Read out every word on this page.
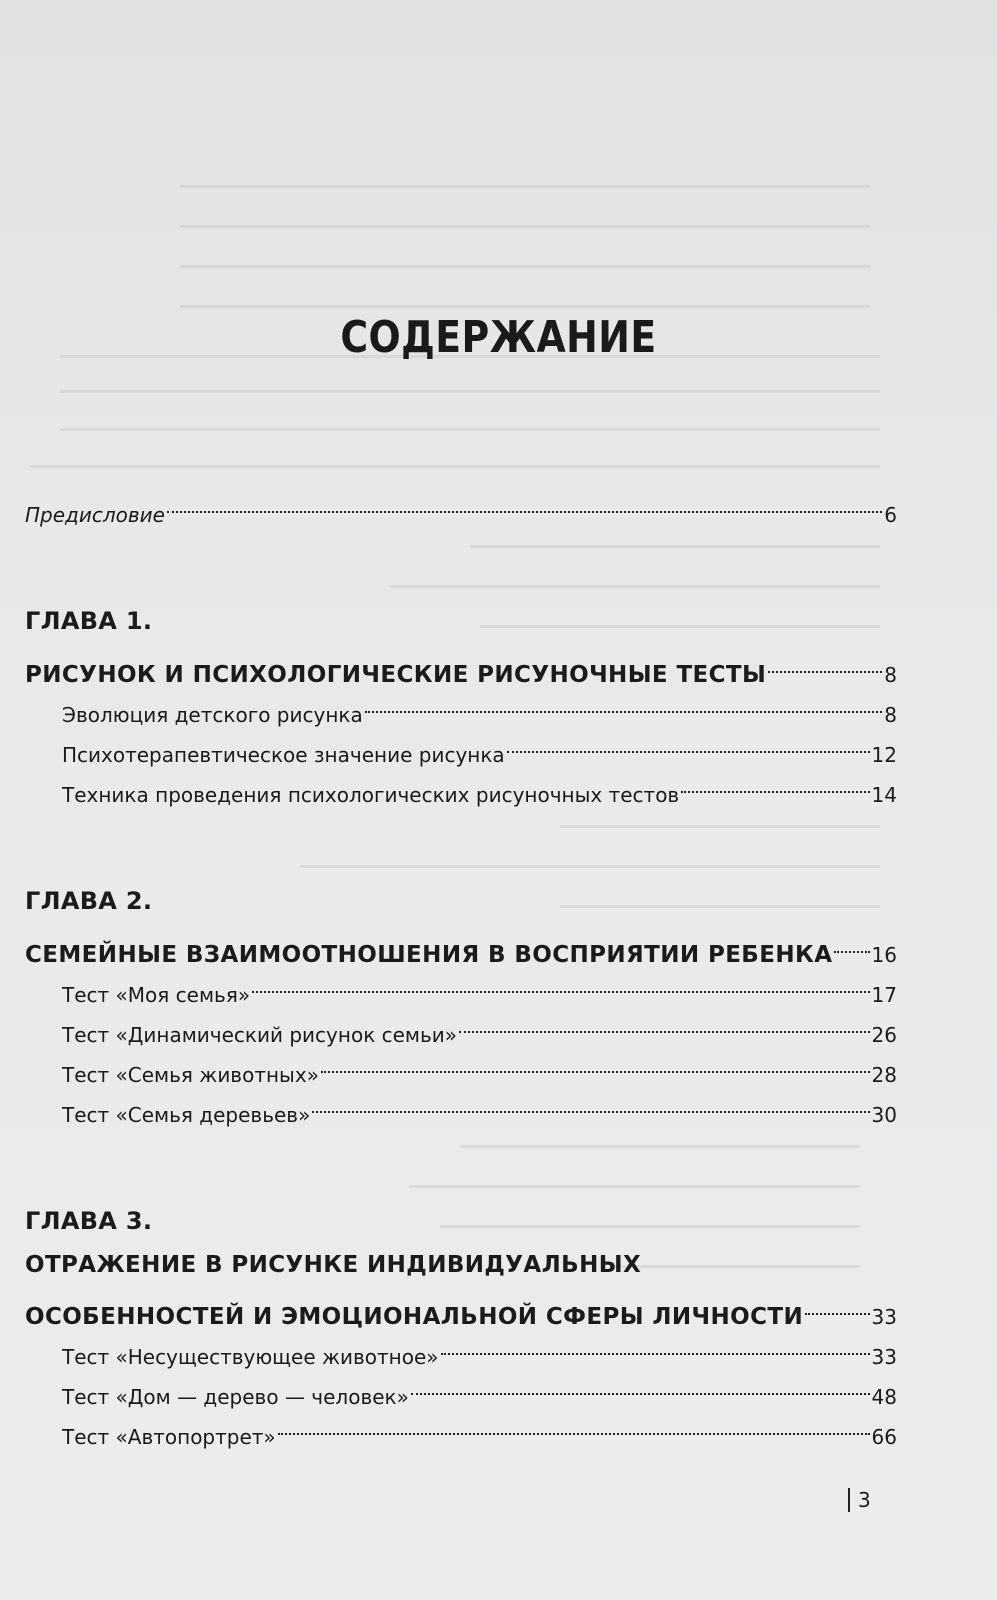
СОДЕРЖАНИЕ
Предисловие	6
ГЛАВА 1.
РИСУНОК И ПСИХОЛОГИЧЕСКИЕ РИСУНОЧНЫЕ ТЕСТЫ	8
Эволюция детского рисунка	8
Психотерапевтическое значение рисунка	12
Техника проведения психологических рисуночных тестов	14
ГЛАВА 2.
СЕМЕЙНЫЕ ВЗАИМООТНОШЕНИЯ В ВОСПРИЯТИИ РЕБЕНКА 16
Тест «Моя семья»	17
Тест «Динамический рисунок семьи»	26
Тест «Семья животных»	28
Тест «Семья деревьев»	30
ГЛАВА 3.
ОТРАЖЕНИЕ В РИСУНКЕ ИНДИВИДУАЛЬНЫХ
ОСОБЕННОСТЕЙ И ЭМОЦИОНАЛЬНОЙ СФЕРЫ ЛИЧНОСТИ	33
Тест «Несуществующее животное»	33
Тест «Дом — дерево — человек»	48
Тест «Автопортрет»	66
3
